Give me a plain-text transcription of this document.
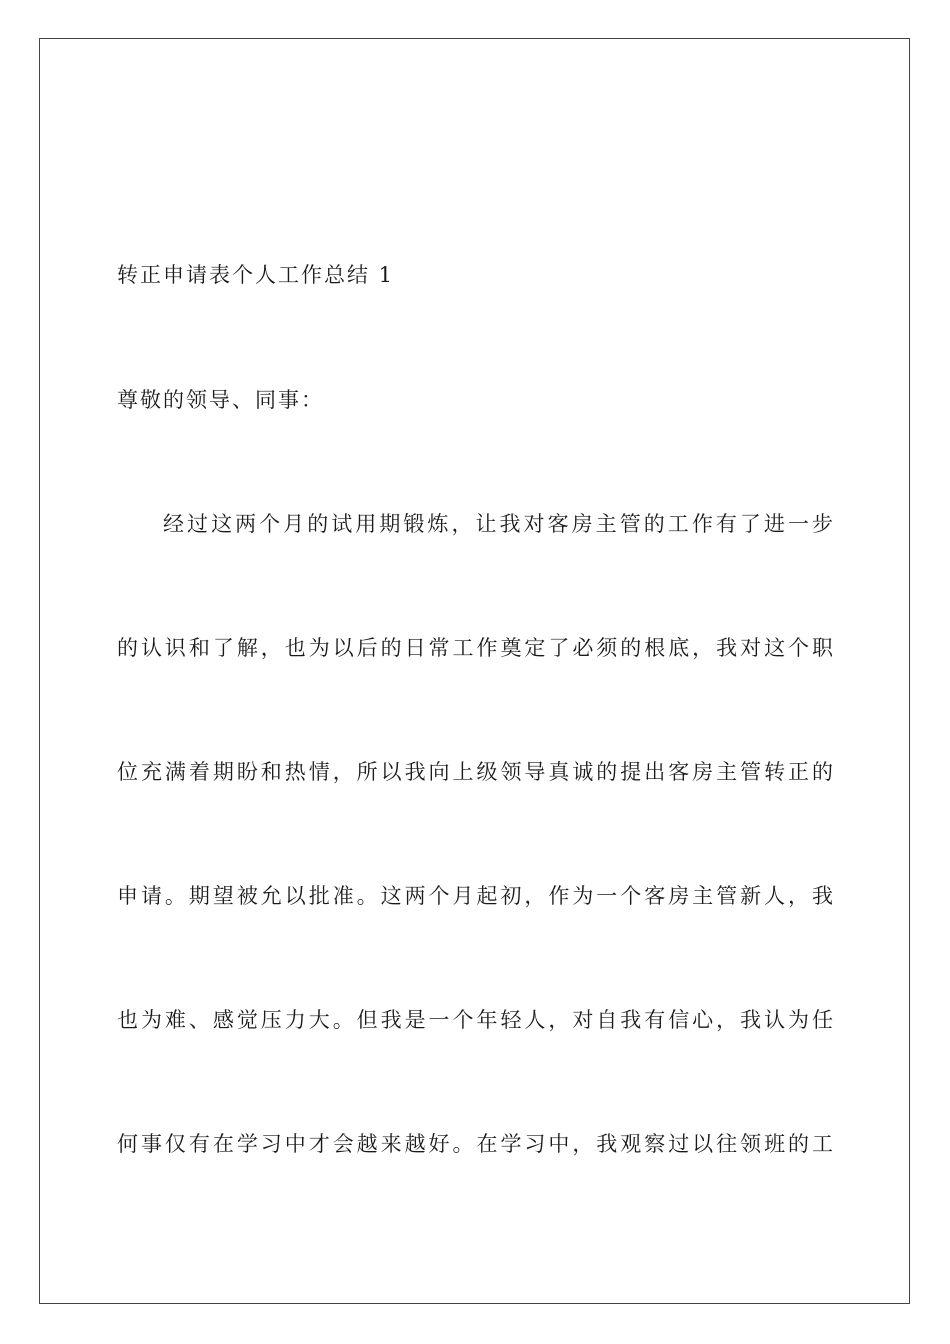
转正申请表个人工作总结 1
尊敬的领导、同事：
经过这两个月的试用期锻炼，让我对客房主管的工作有了进一步
的认识和了解，也为以后的日常工作奠定了必须的根底，我对这个职
位充满着期盼和热情，所以我向上级领导真诚的提出客房主管转正的
申请。期望被允以批准。这两个月起初，作为一个客房主管新人，我
也为难、感觉压力大。但我是一个年轻人，对自我有信心，我认为任
何事仅有在学习中才会越来越好。在学习中，我观察过以往领班的工
